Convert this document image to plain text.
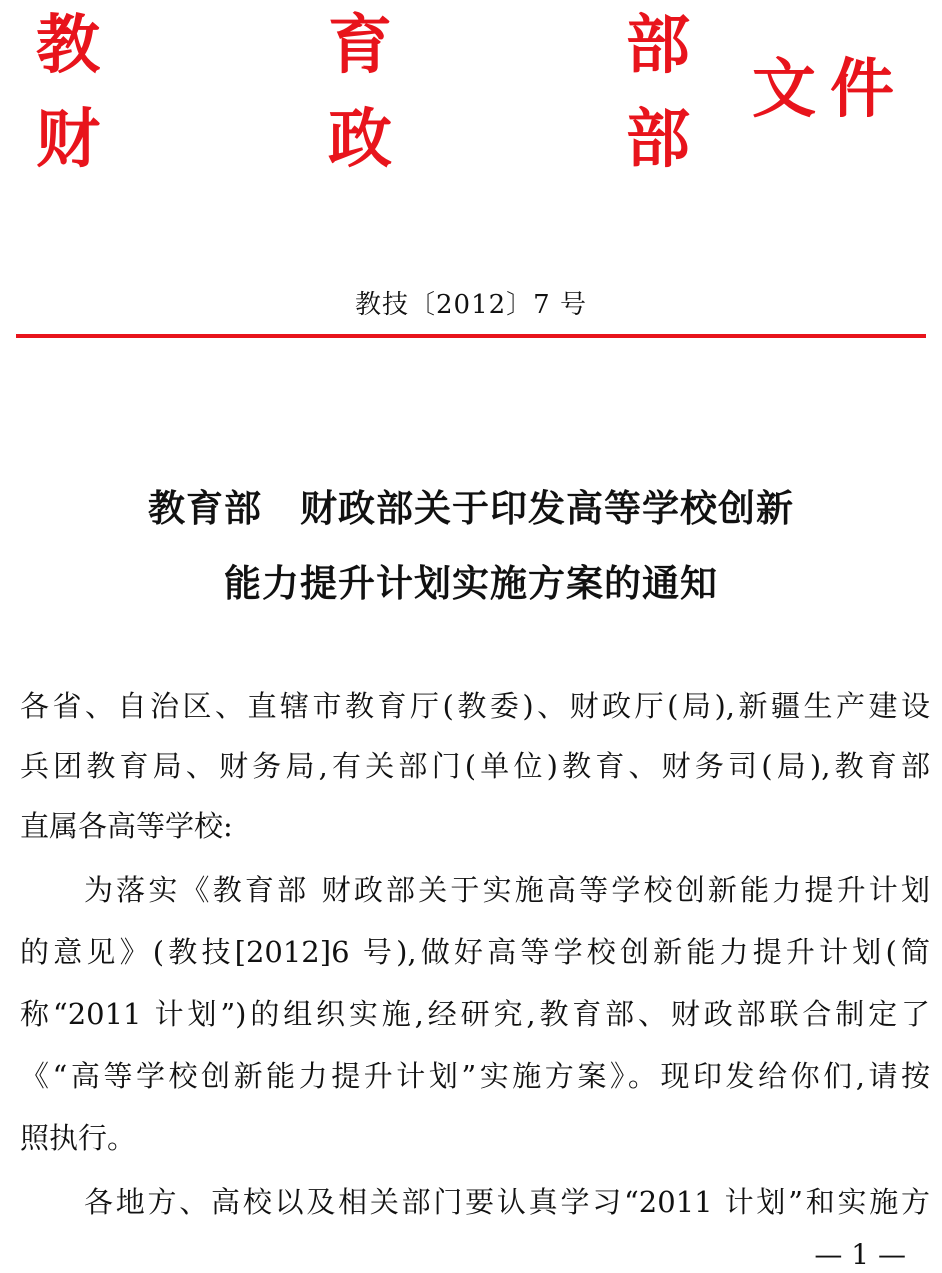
教	育	部
财	政	部
文件
教技〔2012〕7 号
教育部　财政部关于印发高等学校创新
能力提升计划实施方案的通知
各省、自治区、直辖市教育厅(教委)、财政厅(局),新疆生产建设
兵团教育局、财务局,有关部门(单位)教育、财务司(局),教育部
直属各高等学校:
为落实《教育部 财政部关于实施高等学校创新能力提升计划
的意见》(教技[2012]6 号),做好高等学校创新能力提升计划(简
称“2011 计划”)的组织实施,经研究,教育部、财政部联合制定了
《“高等学校创新能力提升计划”实施方案》。现印发给你们,请按
照执行。
各地方、高校以及相关部门要认真学习“2011 计划”和实施方
— 1 —
